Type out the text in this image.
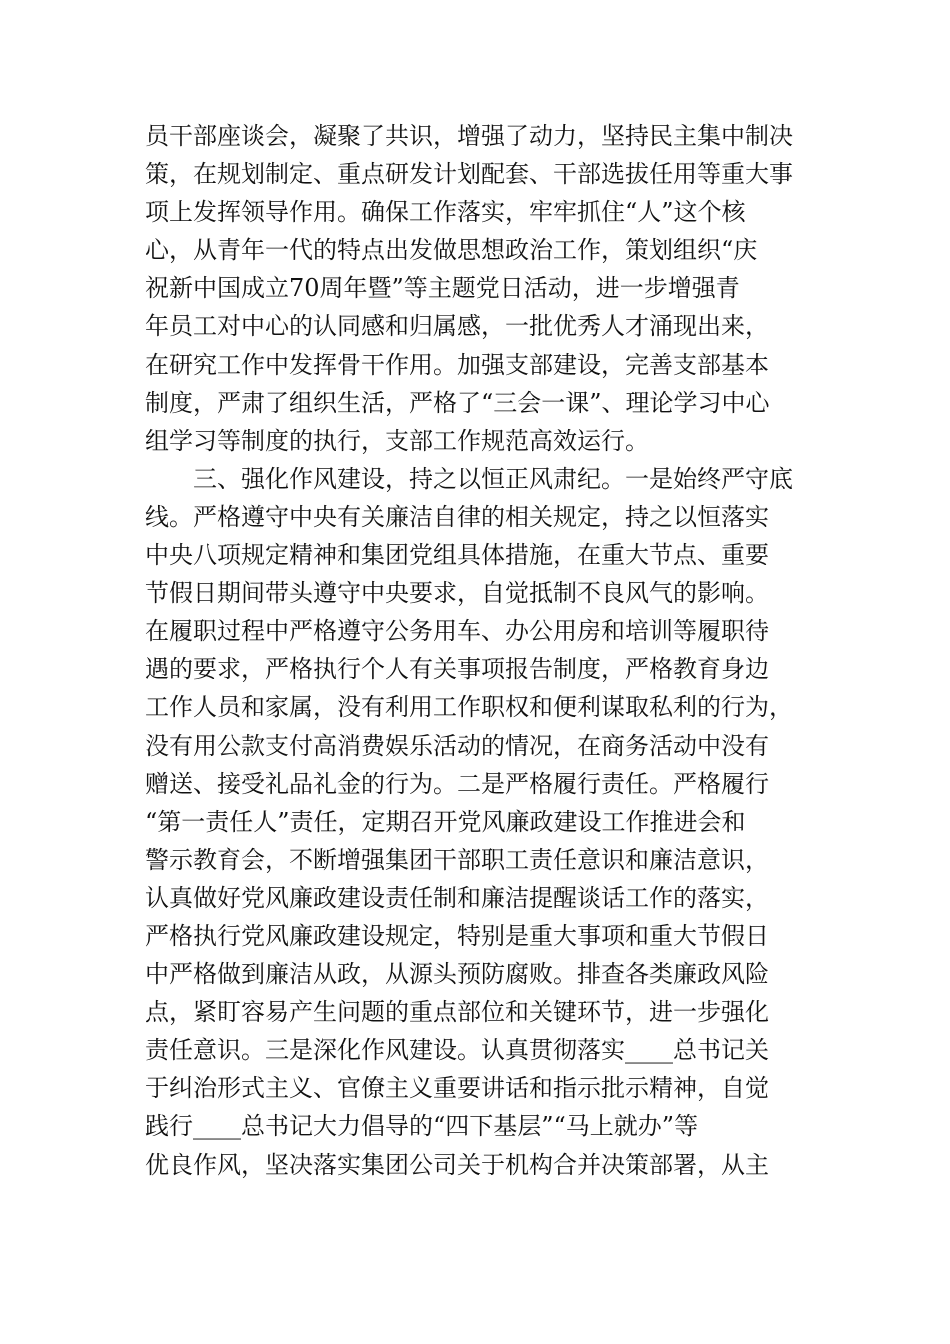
员干部座谈会，凝聚了共识，增强了动力，坚持民主集中制决
策，在规划制定、重点研发计划配套、干部选拔任用等重大事
项上发挥领导作用。确保工作落实，牢牢抓住“人”这个核
心，从青年一代的特点出发做思想政治工作，策划组织“庆
祝新中国成立70周年暨”等主题党日活动，进一步增强青
年员工对中心的认同感和归属感，一批优秀人才涌现出来，
在研究工作中发挥骨干作用。加强支部建设，完善支部基本
制度，严肃了组织生活，严格了“三会一课”、理论学习中心
组学习等制度的执行，支部工作规范高效运行。
三、强化作风建设，持之以恒正风肃纪。一是始终严守底
线。严格遵守中央有关廉洁自律的相关规定，持之以恒落实
中央八项规定精神和集团党组具体措施，在重大节点、重要
节假日期间带头遵守中央要求，自觉抵制不良风气的影响。
在履职过程中严格遵守公务用车、办公用房和培训等履职待
遇的要求，严格执行个人有关事项报告制度，严格教育身边
工作人员和家属，没有利用工作职权和便利谋取私利的行为，
没有用公款支付高消费娱乐活动的情况，在商务活动中没有
赠送、接受礼品礼金的行为。二是严格履行责任。严格履行
“第一责任人”责任，定期召开党风廉政建设工作推进会和
警示教育会，不断增强集团干部职工责任意识和廉洁意识，
认真做好党风廉政建设责任制和廉洁提醒谈话工作的落实，
严格执行党风廉政建设规定，特别是重大事项和重大节假日
中严格做到廉洁从政，从源头预防腐败。排查各类廉政风险
点，紧盯容易产生问题的重点部位和关键环节，进一步强化
责任意识。三是深化作风建设。认真贯彻落实____总书记关
于纠治形式主义、官僚主义重要讲话和指示批示精神，自觉
践行____总书记大力倡导的“四下基层”“马上就办”等
优良作风，坚决落实集团公司关于机构合并决策部署，从主
